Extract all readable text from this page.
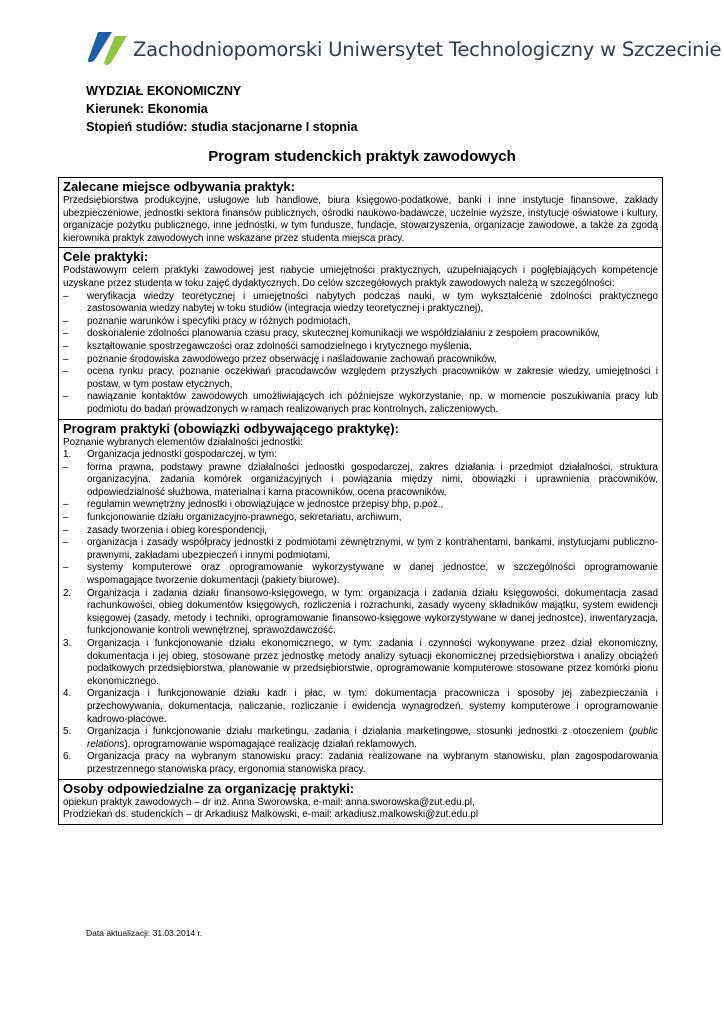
Zachodniopomorski Uniwersytet Technologiczny w Szczecinie
WYDZIAŁ EKONOMICZNY
Kierunek: Ekonomia
Stopień studiów: studia stacjonarne I stopnia
Program studenckich praktyk zawodowych
Zalecane miejsce odbywania praktyk:
Przedsiębiorstwa produkcyjne, usługowe lub handlowe, biura księgowo-podatkowe, banki i inne instytucje finansowe, zakłady ubezpieczeniowe, jednostki sektora finansów publicznych, ośrodki naukowo-badawcze, uczelnie wyższe, instytucje oświatowe i kultury, organizacje pożytku publicznego, inne jednostki, w tym fundusze, fundacje, stowarzyszenia, organizacje zawodowe, a także za zgodą kierownika praktyk zawodowych inne wskazane przez studenta miejsca pracy.
Cele praktyki:
Podstawowym celem praktyki zawodowej jest nabycie umiejętności praktycznych, uzupełniających i pogłębiających kompetencje uzyskane przez studenta w toku zajęć dydaktycznych. Do celów szczegółowych praktyk zawodowych należą w szczególności:
–	weryfikacja wiedzy teoretycznej i umiejętności nabytych podczas nauki, w tym wykształcenie zdolności praktycznego zastosowania wiedzy nabytej w toku studiów (integracja wiedzy teoretycznej i praktycznej),
–	poznanie warunków i specyfiki pracy w różnych podmiotach,
–	doskonalenie zdolności planowania czasu pracy, skutecznej komunikacji we współdziałaniu z zespołem pracowników,
–	kształtowanie spostrzegawczości oraz zdolności samodzielnego i krytycznego myślenia,
–	poznanie środowiska zawodowego przez obserwację i naśladowanie zachowań pracowników,
–	ocena rynku pracy, poznanie oczekiwań pracodawców względem przyszłych pracowników w zakresie wiedzy, umiejętności i postaw, w tym postaw etycznych,
–	nawiązanie kontaktów zawodowych umożliwiających ich późniejsze wykorzystanie, np. w momencie poszukiwania pracy lub podmiotu do badań prowadzonych w ramach realizowanych prac kontrolnych, zaliczeniowych.
Program praktyki (obowiązki odbywającego praktykę):
Poznanie wybranych elementów działalności jednostki:
1.	Organizacja jednostki gospodarczej, w tym:
–	forma prawna, podstawy prawne działalności jednostki gospodarczej, zakres działania i przedmiot działalności, struktura organizacyjna, zadania komórek organizacyjnych i powiązania między nimi, obowiązki i uprawnienia pracowników, odpowiedzialność służbowa, materialna i karna pracowników, ocena pracowników,
–	regulamin wewnętrzny jednostki i obowiązujące w jednostce przepisy bhp, p.poż.,
–	funkcjonowanie działu organizacyjno-prawnego, sekretariatu, archiwum,
–	zasady tworzenia i obieg korespondencji,
–	organizacja i zasady współpracy jednostki z podmiotami zewnętrznymi, w tym z kontrahentami, bankami, instytucjami publiczno-prawnymi, zakładami ubezpieczeń i innymi podmiotami,
–	systemy komputerowe oraz oprogramowanie wykorzystywane w danej jednostce, w szczególności oprogramowanie wspomagające tworzenie dokumentacji (pakiety biurowe).
2.	Organizacja i zadania działu finansowo-księgowego, w tym: organizacja i zadania działu księgowości, dokumentacja zasad rachunkowości, obieg dokumentów księgowych, rozliczenia i rozrachunki, zasady wyceny składników majątku, system ewidencji księgowej (zasady, metody i techniki, oprogramowanie finansowo-księgowe wykorzystywane w danej jednostce), inwentaryzacja, funkcjonowanie kontroli wewnętrznej, sprawozdawczość.
3.	Organizacja i funkcjonowanie działu ekonomicznego, w tym: zadania i czynności wykonywane przez dział ekonomiczny, dokumentacja i jej obieg, stosowane przez jednostkę metody analizy sytuacji ekonomicznej przedsiębiorstwa i analizy obciążeń podatkowych przedsiębiorstwa, planowanie w przedsiębiorstwie, oprogramowanie komputerowe stosowane przez komórki pionu ekonomicznego.
4.	Organizacja i funkcjonowanie działu kadr i płac, w tym: dokumentacja pracownicza i sposoby jej zabezpieczania i przechowywania, dokumentacja, naliczanie, rozliczanie i ewidencja wynagrodzeń, systemy komputerowe i oprogramowanie kadrowo-płacowe.
5.	Organizacja i funkcjonowanie działu marketingu, zadania i działania marketingowe, stosunki jednostki z otoczeniem (public relations), oprogramowanie wspomagające realizację działań reklamowych.
6.	Organizacja pracy na wybranym stanowisku pracy: zadania realizowane na wybranym stanowisku, plan zagospodarowania przestrzennego stanowiska pracy, ergonomia stanowiska pracy.
Osoby odpowiedzialne za organizację praktyki:
opiekun praktyk zawodowych – dr inż. Anna Sworowska, e-mail: anna.sworowska@zut.edu.pl,
Prodziekan ds. studenckich – dr Arkadiusz Malkowski, e-mail: arkadiusz.malkowski@zut.edu.pl
Data aktualizacji: 31.03.2014 r.
